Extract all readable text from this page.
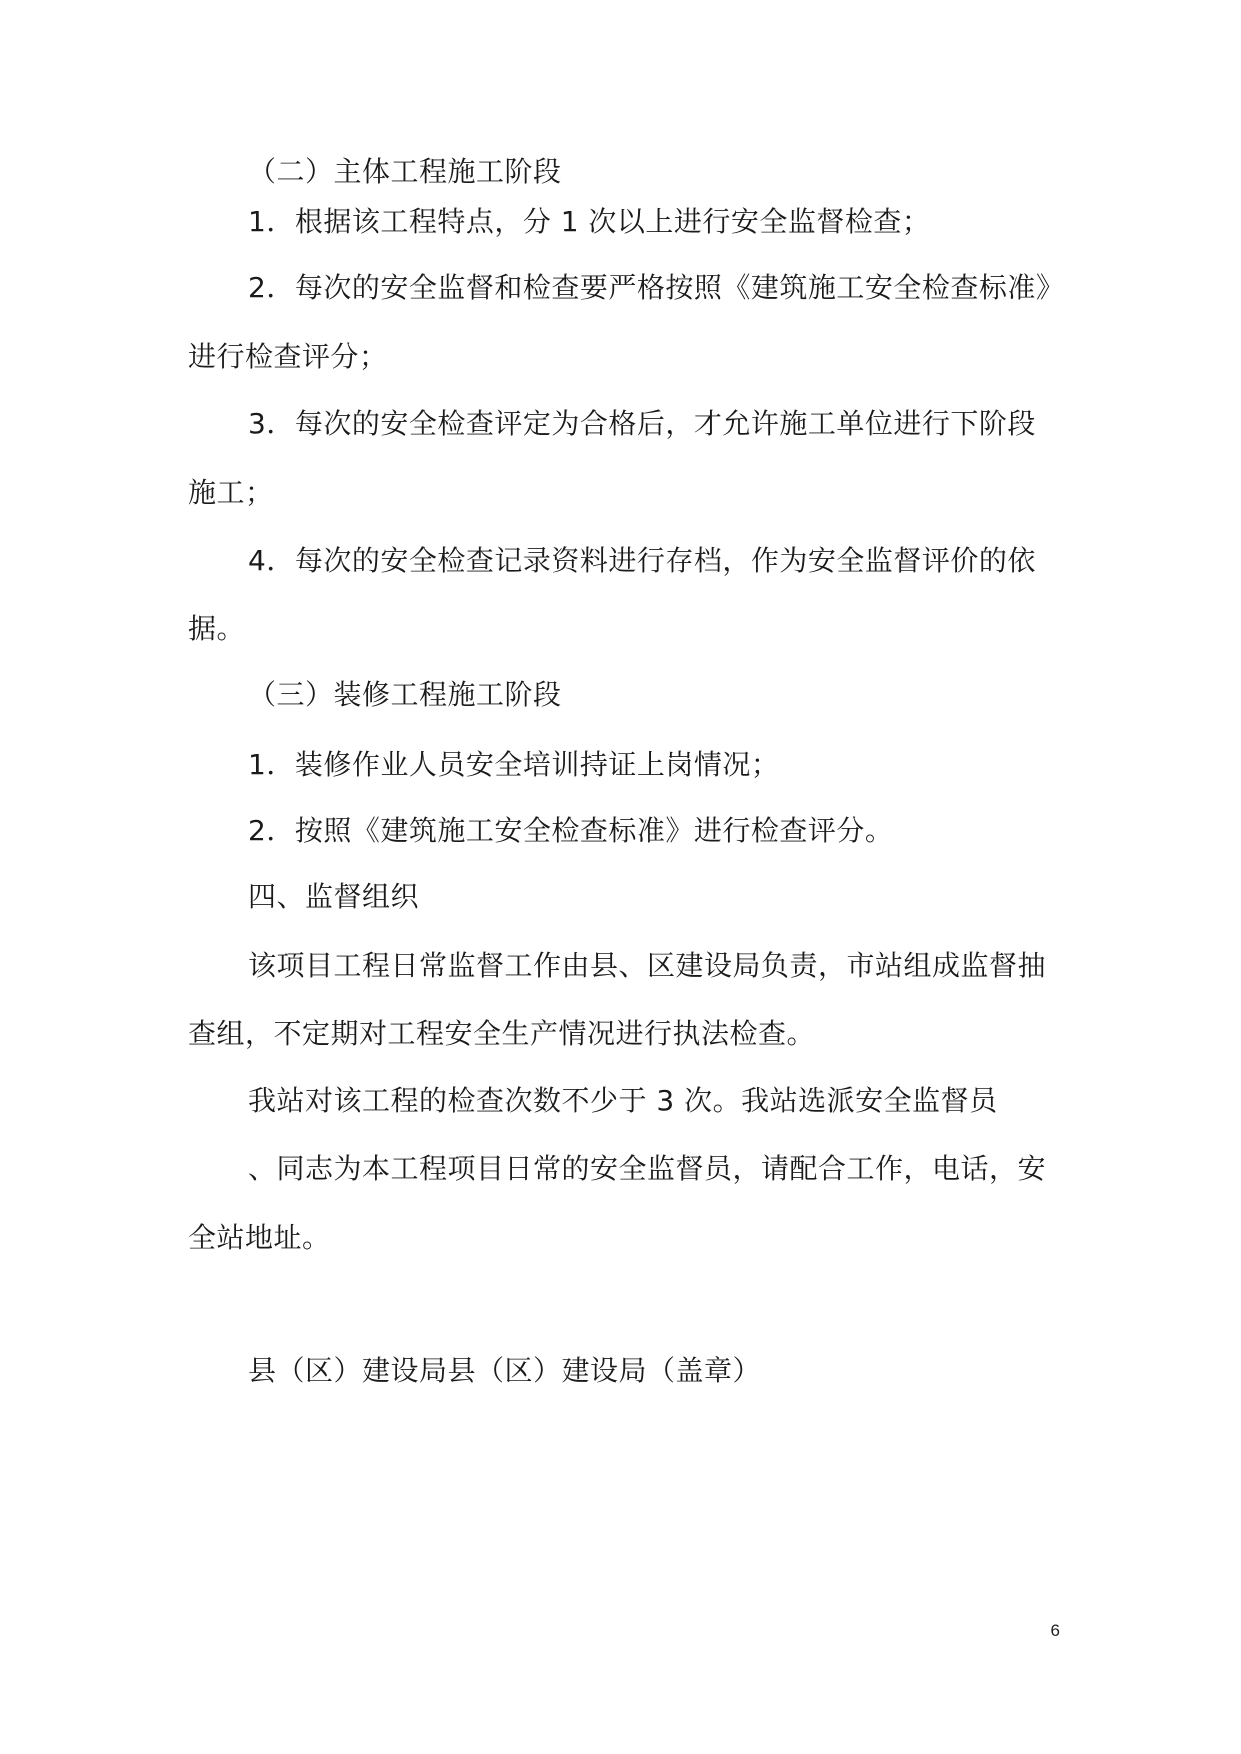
（二）主体工程施工阶段

1．根据该工程特点，分 1 次以上进行安全监督检查；

2．每次的安全监督和检查要严格按照《建筑施工安全检查标准》

进行检查评分；

3．每次的安全检查评定为合格后，才允许施工单位进行下阶段

施工；

4．每次的安全检查记录资料进行存档，作为安全监督评价的依

据。

（三）装修工程施工阶段

1．装修作业人员安全培训持证上岗情况；

2．按照《建筑施工安全检查标准》进行检查评分。

四、监督组织

该项目工程日常监督工作由县、区建设局负责，市站组成监督抽

查组，不定期对工程安全生产情况进行执法检查。

我站对该工程的检查次数不少于 3 次。我站选派安全监督员

、同志为本工程项目日常的安全监督员，请配合工作，电话，安

全站地址。

县（区）建设局县（区）建设局（盖章）

6
